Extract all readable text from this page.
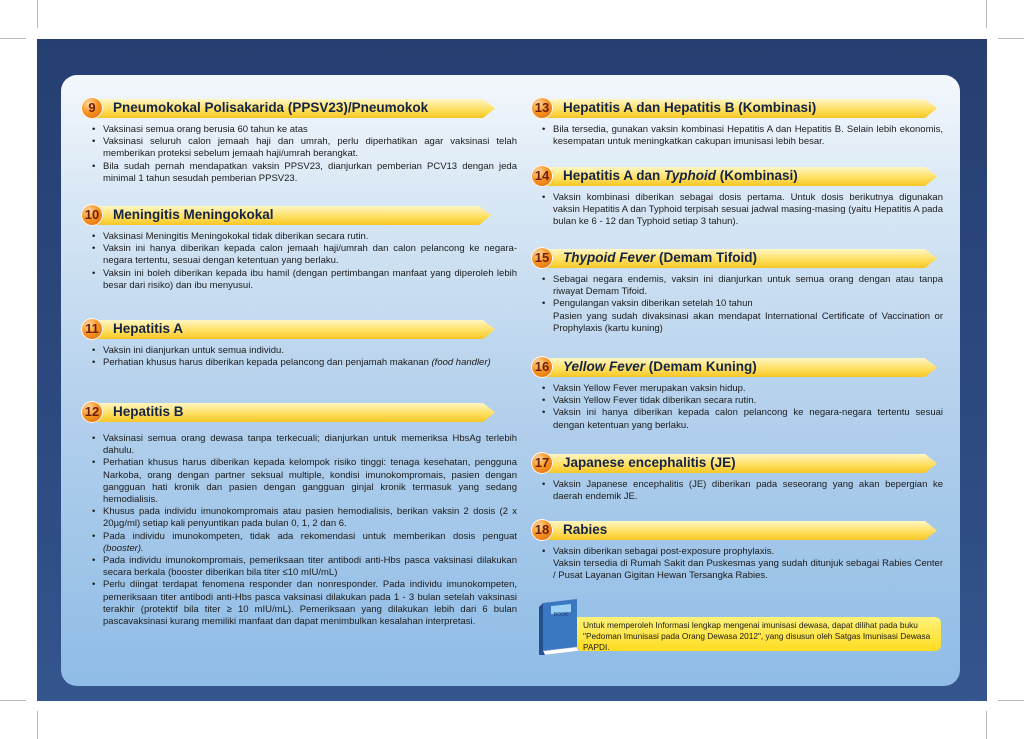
9	Pneumokokal Polisakarida (PPSV23)/Pneumokok
• Vaksinasi semua orang berusia 60 tahun ke atas
• Vaksinasi seluruh calon jemaah haji dan umrah, perlu diperhatikan agar vaksinasi telah memberikan proteksi sebelum jemaah haji/umrah berangkat.
• Bila sudah pernah mendapatkan vaksin PPSV23, dianjurkan pemberian PCV13 dengan jeda minimal 1 tahun sesudah pemberian PPSV23.
10 Meningitis Meningokokal
• Vaksinasi Meningitis Meningokokal tidak diberikan secara rutin.
• Vaksin ini hanya diberikan kepada calon jemaah haji/umrah dan calon pelancong ke negara-negara tertentu, sesuai dengan ketentuan yang berlaku.
• Vaksin ini boleh diberikan kepada ibu hamil (dengan pertimbangan manfaat yang diperoleh lebih besar dari risiko) dan ibu menyusui.
11	Hepatitis A
• Vaksin ini dianjurkan untuk semua individu.
• Perhatian khusus harus diberikan kepada pelancong dan penjamah makanan (food handler)
12 Hepatitis B
• Vaksinasi semua orang dewasa tanpa terkecuali; dianjurkan untuk memeriksa HbsAg terlebih dahulu.
• Perhatian khusus harus diberikan kepada kelompok risiko tinggi: tenaga kesehatan, pengguna Narkoba, orang dengan partner seksual multiple, kondisi imunokompromais, pasien dengan gangguan hati kronik dan pasien dengan gangguan ginjal kronik termasuk yang sedang hemodialisis.
• Khusus pada individu imunokompromais atau pasien hemodialisis, berikan vaksin 2 dosis (2 x 20µg/ml) setiap kali penyuntikan pada bulan 0, 1, 2 dan 6.
• Pada individu imunokompeten, tidak ada rekomendasi untuk memberikan dosis penguat (booster).
• Pada individu imunokompromais, pemeriksaan titer antibodi anti-Hbs pasca vaksinasi dilakukan secara berkala (booster diberikan bila titer ≤10 mIU/mL)
• Perlu diingat terdapat fenomena responder dan nonresponder. Pada individu imunokompeten, pemeriksaan titer antibodi anti-Hbs pasca vaksinasi dilakukan pada 1 - 3 bulan setelah vaksinasi terakhir (protektif bila titer ≥ 10 mIU/mL). Pemeriksaan yang dilakukan lebih dari 6 bulan pascavaksinasi kurang memiliki manfaat dan dapat menimbulkan kesalahan interpretasi.
13 Hepatitis A dan Hepatitis B (Kombinasi)
• Bila tersedia, gunakan vaksin kombinasi Hepatitis A dan Hepatitis B. Selain lebih ekonomis, kesempatan untuk meningkatkan cakupan imunisasi lebih besar.
14 Hepatitis A dan Typhoid (Kombinasi)
• Vaksin kombinasi diberikan sebagai dosis pertama. Untuk dosis berikutnya digunakan vaksin Hepatitis A dan Typhoid terpisah sesuai jadwal masing-masing (yaitu Hepatitis A pada bulan ke 6 - 12 dan Typhoid setiap 3 tahun).
15 Thypoid Fever (Demam Tifoid)
• Sebagai negara endemis, vaksin ini dianjurkan untuk semua orang dengan atau tanpa riwayat Demam Tifoid.
• Pengulangan vaksin diberikan setelah 10 tahun
Pasien yang sudah divaksinasi akan mendapat International Certificate of Vaccination or Prophylaxis (kartu kuning)
16 Yellow Fever (Demam Kuning)
• Vaksin Yellow Fever merupakan vaksin hidup.
• Vaksin Yellow Fever tidak diberikan secara rutin.
• Vaksin ini hanya diberikan kepada calon pelancong ke negara-negara tertentu sesuai dengan ketentuan yang berlaku.
17 Japanese encephalitis (JE)
• Vaksin Japanese encephalitis (JE) diberikan pada seseorang yang akan bepergian ke daerah endemik JE.
18 Rabies
• Vaksin diberikan sebagai post-exposure prophylaxis.
Vaksin tersedia di Rumah Sakit dan Puskesmas yang sudah ditunjuk sebagai Rabies Center / Pusat Layanan Gigitan Hewan Tersangka Rabies.
Untuk memperoleh Informasi lengkap mengenai imunisasi dewasa, dapat dilihat pada buku
"Pedoman Imunisasi pada Orang Dewasa 2012", yang disusun oleh Satgas Imunisasi Dewasa PAPDI.
BOOK
